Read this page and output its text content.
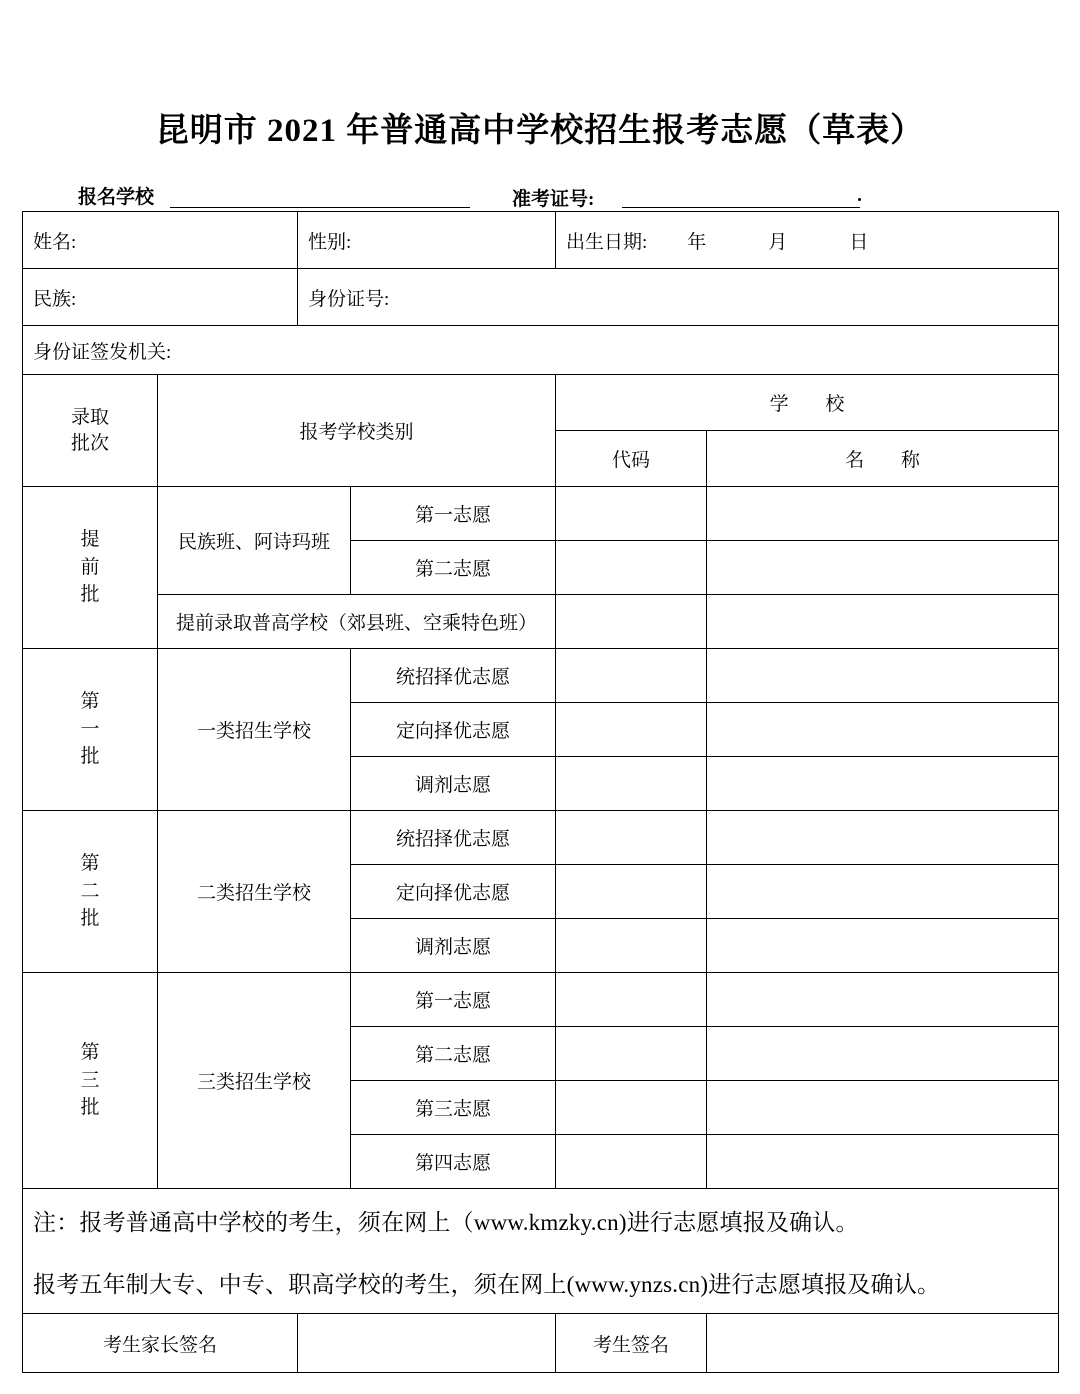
昆明市 2021 年普通高中学校招生报考志愿（草表）
报名学校	准考证号:
姓名:		性别:		出生日期: 年 月 日	

民族:		身份证号:			
身份证签发机关:					

录取
批次	报考学校类别			学 校	
				代码	名 称

提
前
批	民族班、阿诗玛班		第一志愿		
			第二志愿		
	提前录取普高学校（郊县班、空乘特色班）				

第
一
批	一类招生学校		统招择优志愿		
			定向择优志愿		
			调剂志愿		

第
二
批	二类招生学校		统招择优志愿		
			定向择优志愿		
			调剂志愿		

第
三
批	三类招生学校		第一志愿		
			第二志愿		
			第三志愿		
			第四志愿		
注：报考普通高中学校的考生，须在网上（www.kmzky.cn)进行志愿填报及确认。					
报考五年制大专、中专、职高学校的考生，须在网上(www.ynzs.cn)进行志愿填报及确认。					
考生家长签名				考生签名	
